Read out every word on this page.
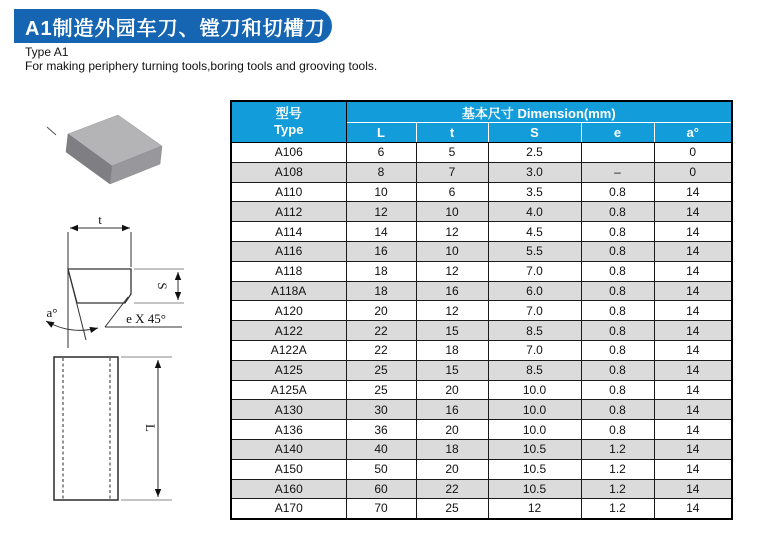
A1制造外园车刀、镗刀和切槽刀
Type A1
For making periphery turning tools,boring tools and grooving tools.
t
S
e X 45°
a°
L
型号
Type	基本尺寸 Dimension(mm)				
	L	t	S	e	a°
A106	6	5	2.5		0
A108	8	7	3.0	–	0
A110	10	6	3.5	0.8	14
A112	12	10	4.0	0.8	14
A114	14	12	4.5	0.8	14
A116	16	10	5.5	0.8	14
A118	18	12	7.0	0.8	14
A118A	18	16	6.0	0.8	14
A120	20	12	7.0	0.8	14
A122	22	15	8.5	0.8	14
A122A	22	18	7.0	0.8	14
A125	25	15	8.5	0.8	14
A125A	25	20	10.0	0.8	14
A130	30	16	10.0	0.8	14
A136	36	20	10.0	0.8	14
A140	40	18	10.5	1.2	14
A150	50	20	10.5	1.2	14
A160	60	22	10.5	1.2	14
A170	70	25	12	1.2	14
